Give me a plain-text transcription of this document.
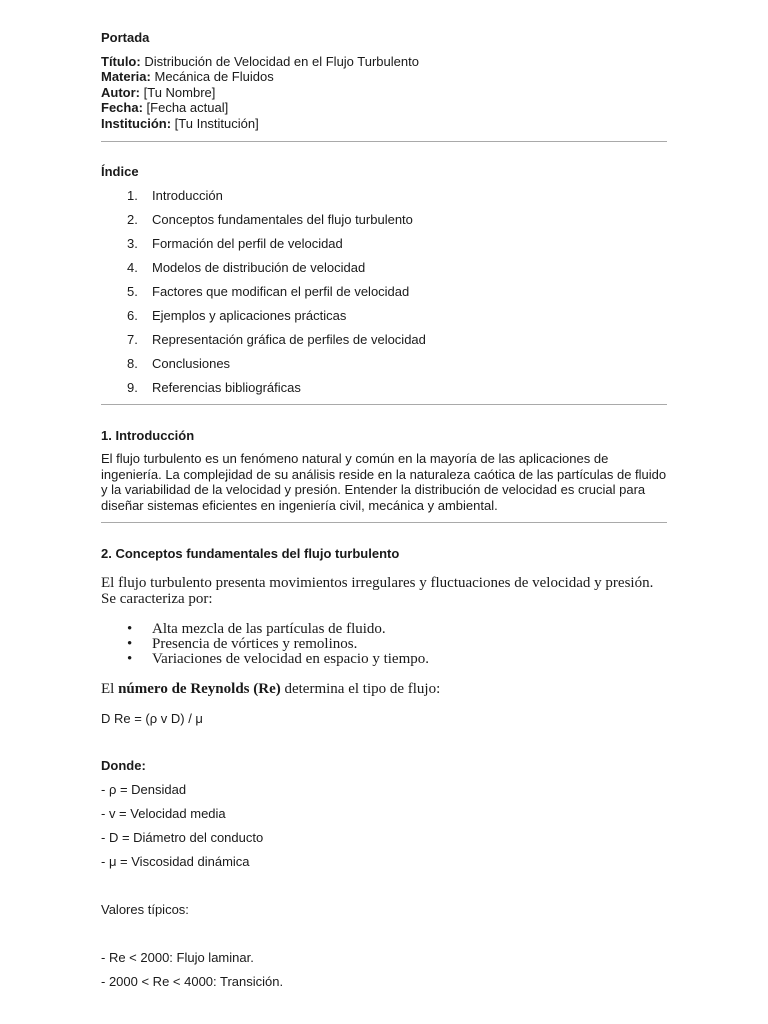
Portada
Título: Distribución de Velocidad en el Flujo Turbulento
Materia: Mecánica de Fluidos
Autor: [Tu Nombre]
Fecha: [Fecha actual]
Institución: [Tu Institución]
Índice
1. Introducción
2. Conceptos fundamentales del flujo turbulento
3. Formación del perfil de velocidad
4. Modelos de distribución de velocidad
5. Factores que modifican el perfil de velocidad
6. Ejemplos y aplicaciones prácticas
7. Representación gráfica de perfiles de velocidad
8. Conclusiones
9. Referencias bibliográficas
1. Introducción
El flujo turbulento es un fenómeno natural y común en la mayoría de las aplicaciones de ingeniería. La complejidad de su análisis reside en la naturaleza caótica de las partículas de fluido y la variabilidad de la velocidad y presión. Entender la distribución de velocidad es crucial para diseñar sistemas eficientes en ingeniería civil, mecánica y ambiental.
2. Conceptos fundamentales del flujo turbulento
El flujo turbulento presenta movimientos irregulares y fluctuaciones de velocidad y presión. Se caracteriza por:
• Alta mezcla de las partículas de fluido.
• Presencia de vórtices y remolinos.
• Variaciones de velocidad en espacio y tiempo.
El número de Reynolds (Re) determina el tipo de flujo:
D Re = (ρ v D) / μ
Donde:
- ρ = Densidad
- v = Velocidad media
- D = Diámetro del conducto
- μ = Viscosidad dinámica
Valores típicos:
- Re < 2000: Flujo laminar.
- 2000 < Re < 4000: Transición.
